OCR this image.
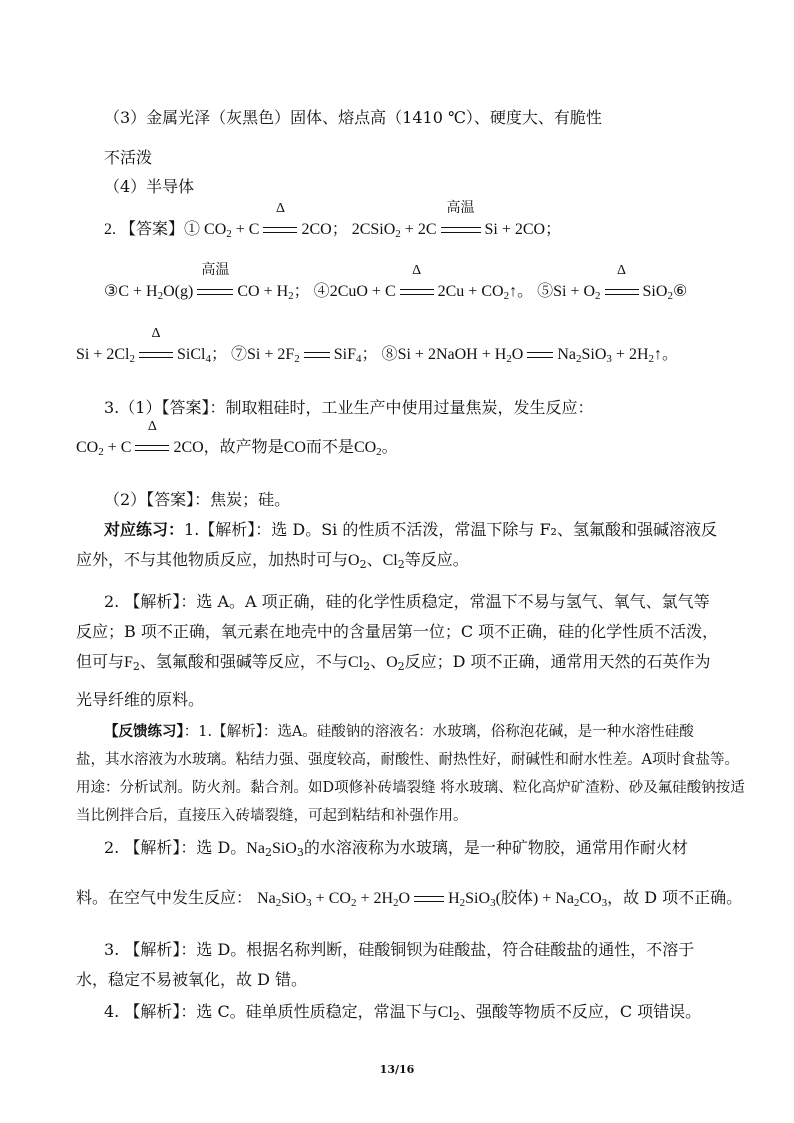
（3）金属光泽（灰黑色）固体、熔点高（1410 ℃）、硬度大、有脆性
不活泼
（4）半导体
2. 【答案】① $CO_2 + C$
Δ
2CO； 2CSiO$_2$ + 2C
高温
Si + 2CO；
③C + $H_2O(g)$
高温
CO + $H_2$； ④2CuO + C
Δ
$2Cu + CO_2↑$。 ⑤Si + $O_2$
Δ
SiO$_2$⑥
$Si + 2Cl_2$
Δ
SiCl$_4$； ⑦Si + $2F_2$ SiF$_4$； ⑧Si + 2NaOH + $H_2O$ $Na_2SiO_3$ + $2H_2↑$。
3.（1）【答案】：制取粗硅时，工业生产中使用过量焦炭，发生反应：
$CO_2 + C$
Δ
2CO，故产物是CO而不是$CO_2$。
（2）【答案】：焦炭；硅。
对应练习：1.【解析】：选 D。Si 的性质不活泼，常温下除与 F₂、氢氟酸和强碱溶液反
应外，不与其他物质反应，加热时可与$O_2$、$Cl_2$等反应。
2. 【解析】：选 A。A 项正确，硅的化学性质稳定，常温下不易与氢气、氧气、氯气等
反应；B 项不正确，氧元素在地壳中的含量居第一位；C 项不正确，硅的化学性质不活泼，
但可与$F_2$、氢氟酸和强碱等反应，不与$Cl_2$、$O_2$反应；D 项不正确，通常用天然的石英作为
光导纤维的原料。
【反馈练习】：1.【解析】：选A。硅酸钠的溶液名：水玻璃，俗称泡花碱，是一种水溶性硅酸
盐，其水溶液为水玻璃。粘结力强、强度较高，耐酸性、耐热性好，耐碱性和耐水性差。A项时食盐等。
用途：分析试剂。防火剂。黏合剂。如D项修补砖墙裂缝 将水玻璃、粒化高炉矿渣粉、砂及氟硅酸钠按适
当比例拌合后，直接压入砖墙裂缝，可起到粘结和补强作用。
2. 【解析】：选 D。$Na_2SiO_3$的水溶液称为水玻璃，是一种矿物胶，通常用作耐火材
料。在空气中发生反应： $Na_2SiO_3 + CO_2 + 2H_2O$ $H_2SiO_3$(胶体) + $Na_2CO_3$，故 D 项不正确。
3. 【解析】：选 D。根据名称判断，硅酸铜钡为硅酸盐，符合硅酸盐的通性，不溶于
水，稳定不易被氧化，故 D 错。
4. 【解析】：选 C。硅单质性质稳定，常温下与$Cl_2$、强酸等物质不反应，C 项错误。
13/16
